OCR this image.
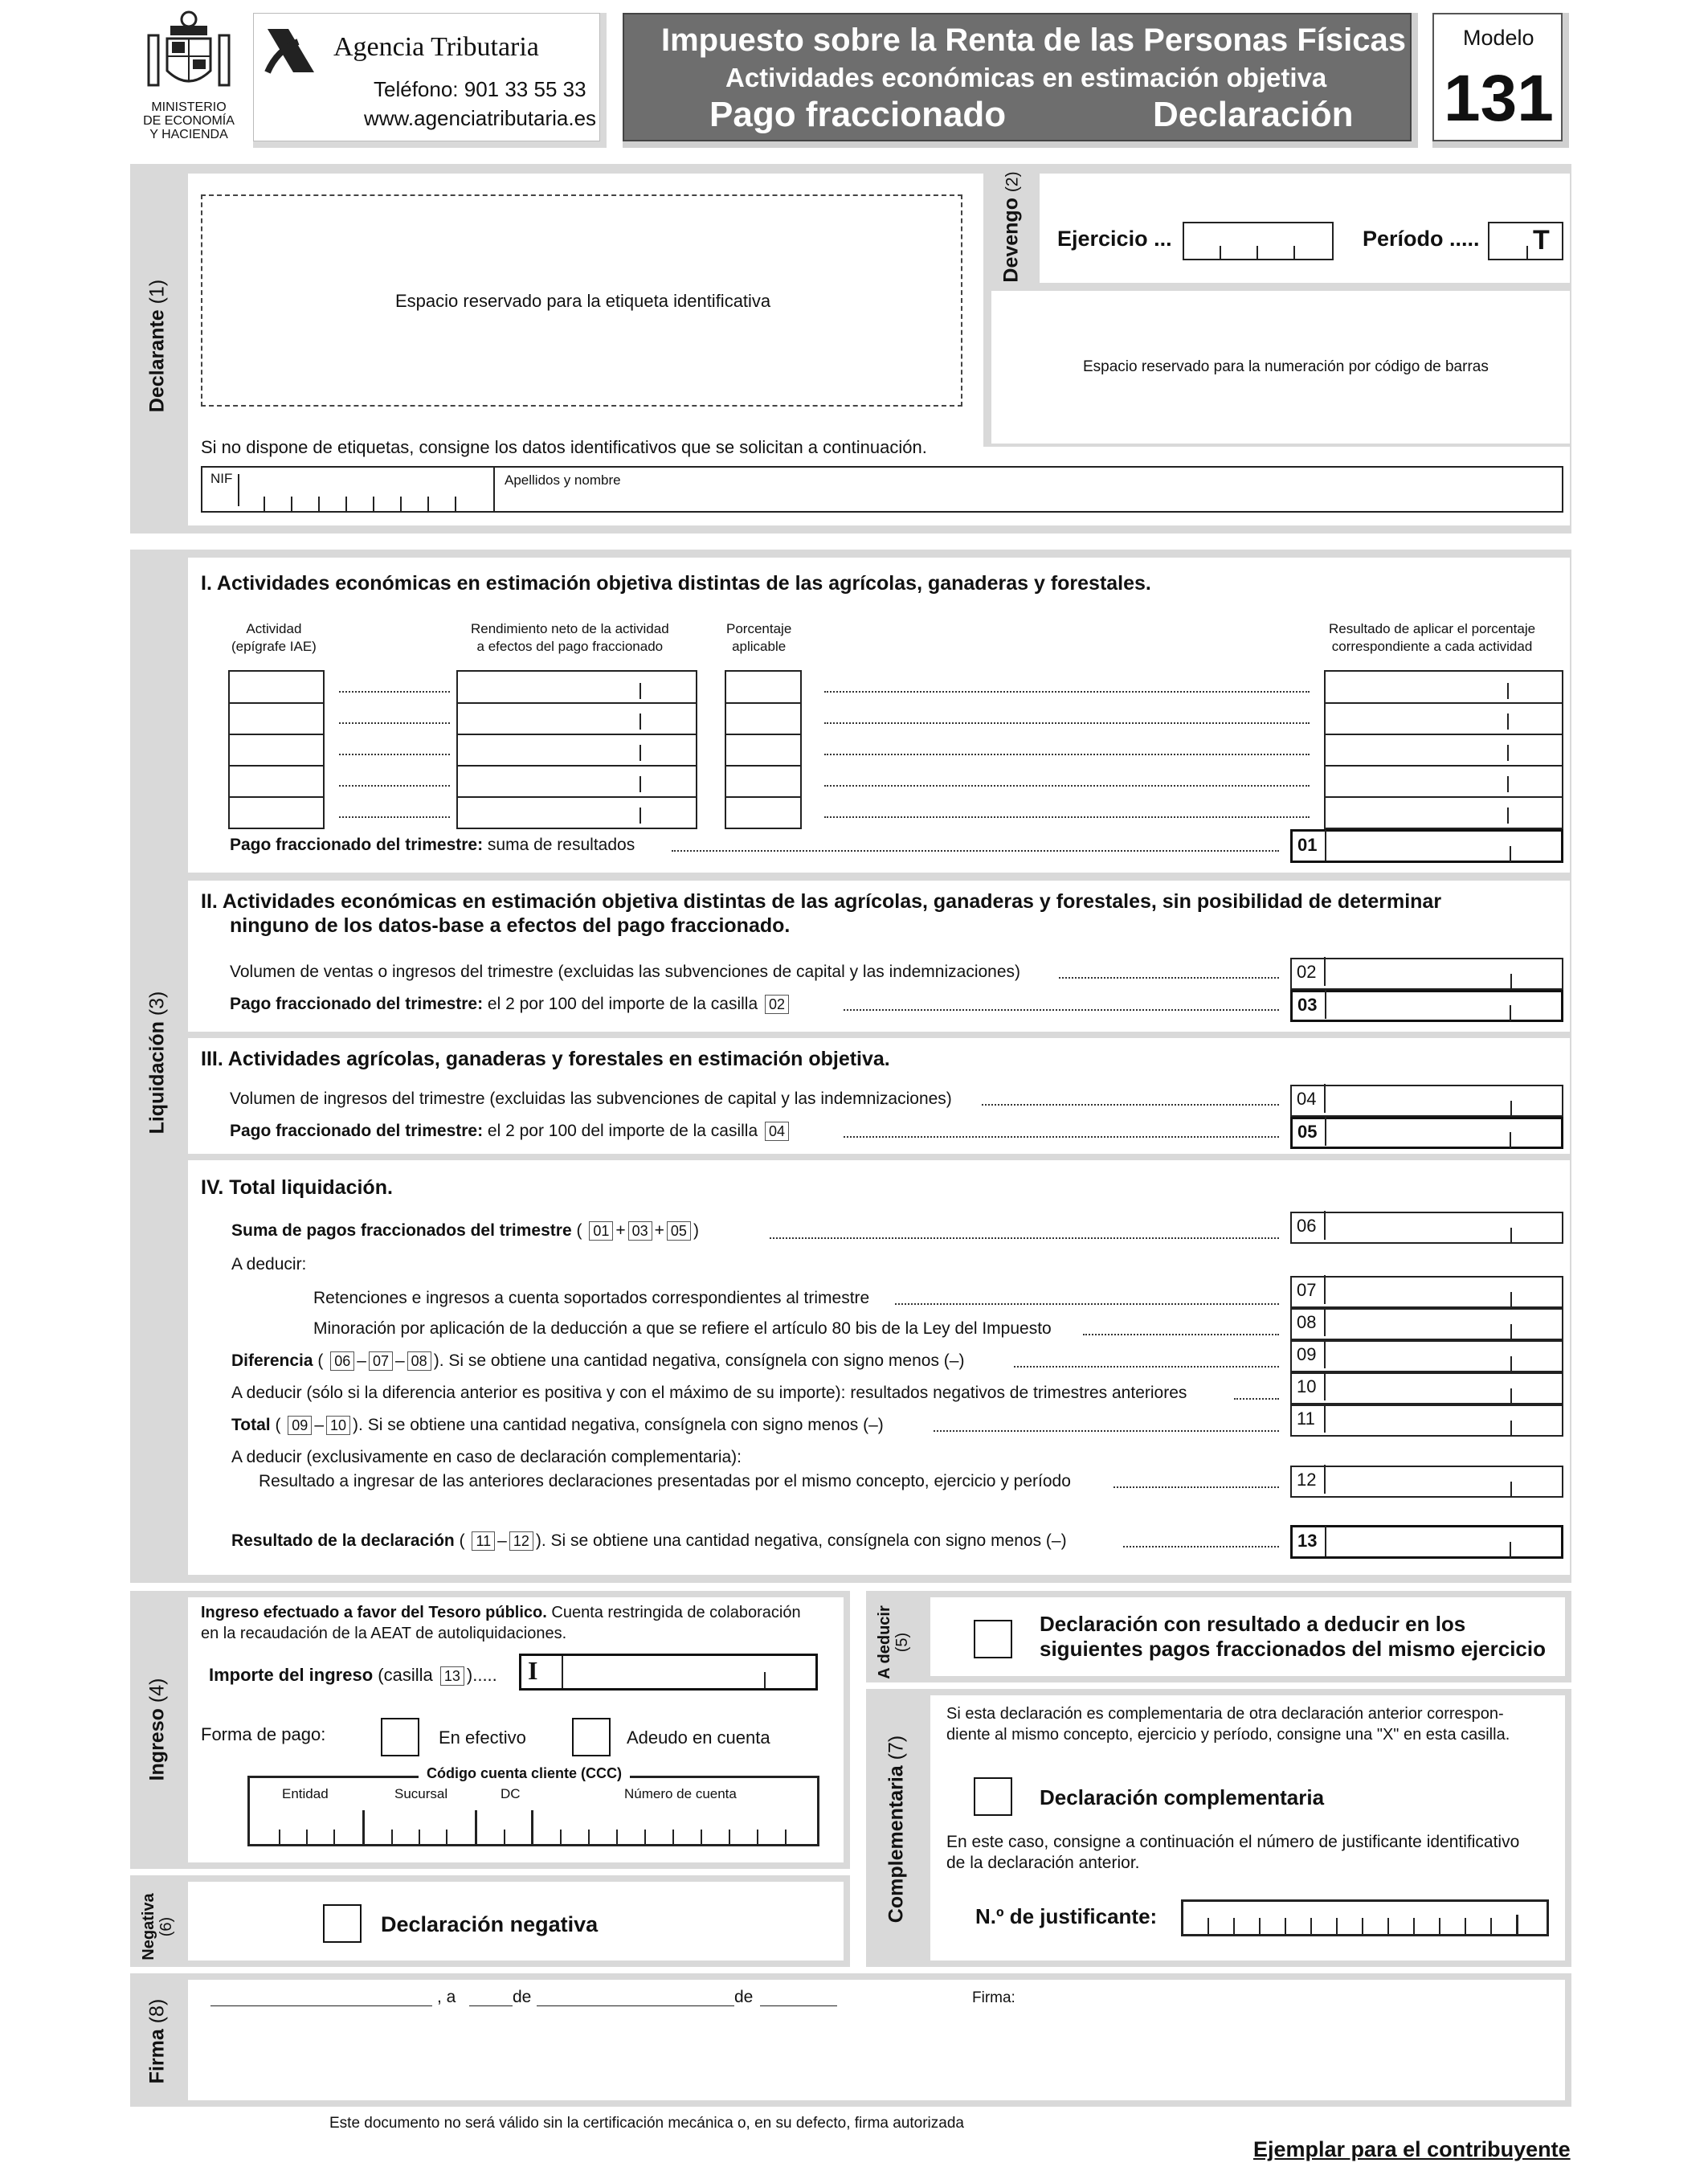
MINISTERIO
DE ECONOMÍA
Y HACIENDA
Agencia Tributaria
Teléfono: 901 33 55 33
www.agenciatributaria.es
Impuesto sobre la Renta de las Personas Físicas
Actividades económicas en estimación objetiva
Pago fraccionado	Declaración
Modelo
131
Declarante (1)	Espacio reservado para la etiqueta identificativa
Si no dispone de etiquetas, consigne los datos identificativos que se solicitan a continuación.
NIF	Apellidos y nombre
Devengo (2)
Ejercicio ...	Período ..... T
Espacio reservado para la numeración por código de barras
Liquidación (3)
I. Actividades económicas en estimación objetiva distintas de las agrícolas, ganaderas y forestales.
Actividad
(epígrafe IAE)
Rendimiento neto de la actividad
a efectos del pago fraccionado
Porcentaje
aplicable
Resultado de aplicar el porcentaje
correspondiente a cada actividad
Pago fraccionado del trimestre: suma de resultados	01
II. Actividades económicas en estimación objetiva distintas de las agrícolas, ganaderas y forestales, sin posibilidad de determinar
ninguno de los datos-base a efectos del pago fraccionado.
Volumen de ventas o ingresos del trimestre (excluidas las subvenciones de capital y las indemnizaciones)	02
Pago fraccionado del trimestre: el 2 por 100 del importe de la casilla 02	03
III. Actividades agrícolas, ganaderas y forestales en estimación objetiva.
Volumen de ingresos del trimestre (excluidas las subvenciones de capital y las indemnizaciones)	04
Pago fraccionado del trimestre: el 2 por 100 del importe de la casilla 04	05
IV. Total liquidación.
Suma de pagos fraccionados del trimestre ( 01 + 03 + 05 )	06
A deducir:
Retenciones e ingresos a cuenta soportados correspondientes al trimestre	07
Minoración por aplicación de la deducción a que se refiere el artículo 80 bis de la Ley del Impuesto	08
Diferencia ( 06 – 07 – 08 ). Si se obtiene una cantidad negativa, consígnela con signo menos (–)	09
A deducir (sólo si la diferencia anterior es positiva y con el máximo de su importe): resultados negativos de trimestres anteriores	10
Total ( 09 – 10 ). Si se obtiene una cantidad negativa, consígnela con signo menos (–)	11
A deducir (exclusivamente en caso de declaración complementaria):
Resultado a ingresar de las anteriores declaraciones presentadas por el mismo concepto, ejercicio y período	12
Resultado de la declaración ( 11 – 12 ). Si se obtiene una cantidad negativa, consígnela con signo menos (–)	13
Ingreso (4)
Ingreso efectuado a favor del Tesoro público. Cuenta restringida de colaboración
en la recaudación de la AEAT de autoliquidaciones.
Importe del ingreso (casilla 13 )..... I
Forma de pago:	En efectivo	Adeudo en cuenta
Código cuenta cliente (CCC)
Entidad	Sucursal	DC	Número de cuenta
Negativa
(6)	Declaración negativa
A deducir
(5)
Declaración con resultado a deducir en los
siguientes pagos fraccionados del mismo ejercicio
Complementaria (7)
Si esta declaración es complementaria de otra declaración anterior correspon-
diente al mismo concepto, ejercicio y período, consigne una "X" en esta casilla.
Declaración complementaria
En este caso, consigne a continuación el número de justificante identificativo
de la declaración anterior.
N.º de justificante:
Firma (8)
, a	de	de	Firma:
Este documento no será válido sin la certificación mecánica o, en su defecto, firma autorizada
Ejemplar para el contribuyente
